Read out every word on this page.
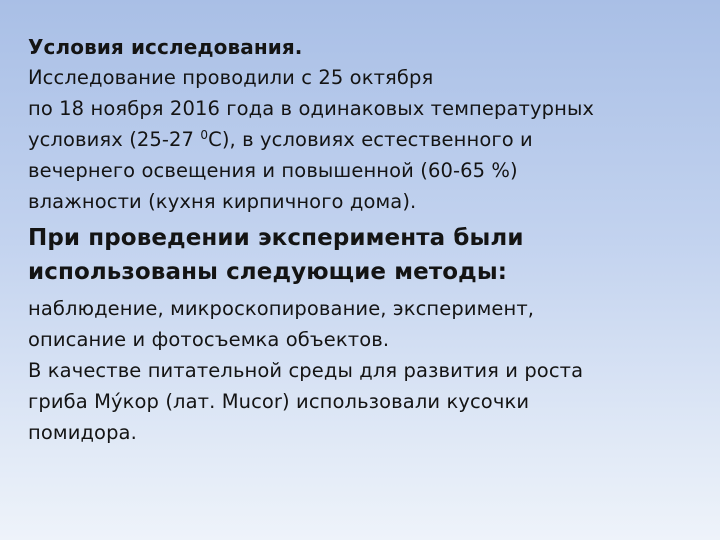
Условия исследования.
Исследование проводили с 25 октября
по 18 ноября 2016 года в одинаковых температурных
условиях (25-27 $^0$С), в условиях естественного и
вечернего освещения и повышенной (60-65 %)
влажности (кухня кирпичного дома).
При проведении эксперимента были
использованы следующие методы:
наблюдение, микроскопирование, эксперимент,
описание и фотосъемка объектов.
В качестве питательной среды для развития и роста
гриба Му́кор (лат. Mucor) использовали кусочки
помидора.
